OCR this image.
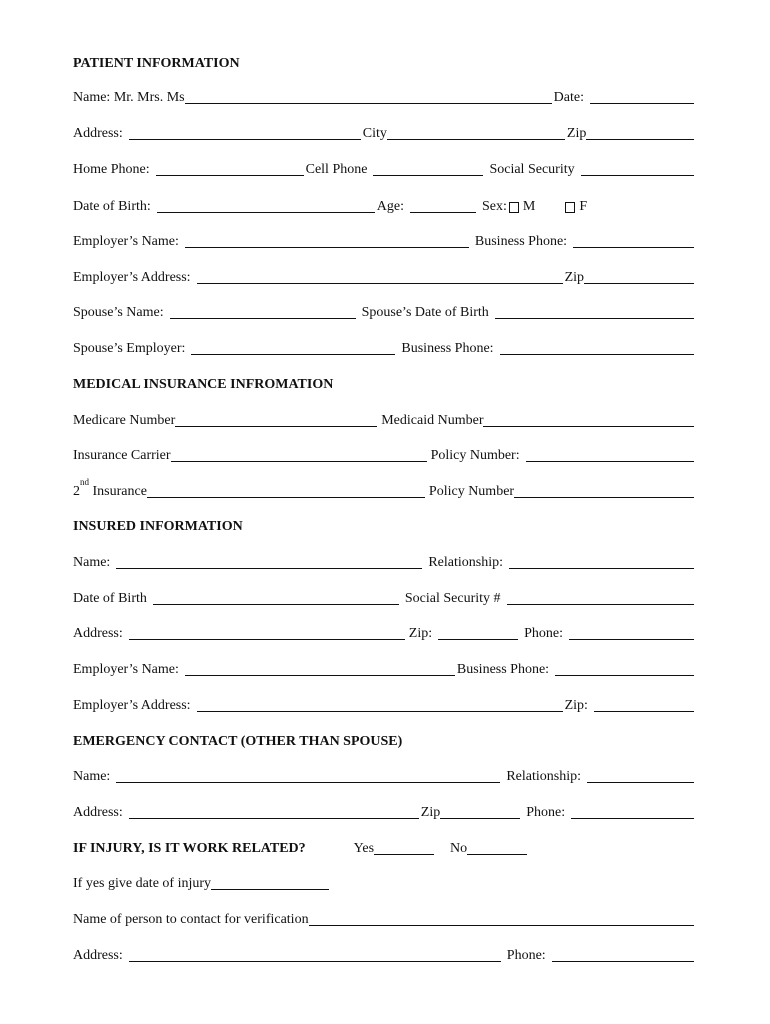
PATIENT INFORMATION
Name: Mr. Mrs. Ms	Date:
Address:	City	Zip
Home Phone:	Cell Phone	Social Security
Date of Birth:	Age:	Sex: M	F
Employer’s Name:	Business Phone:
Employer’s Address:	Zip
Spouse’s Name:	Spouse’s Date of Birth
Spouse’s Employer:	Business Phone:
MEDICAL INSURANCE INFROMATION
Medicare Number	Medicaid Number
Insurance Carrier	Policy Number:
2nd Insurance	Policy Number
INSURED INFORMATION
Name:	Relationship:
Date of Birth	Social Security #
Address:	Zip:	Phone:
Employer’s Name:	Business Phone:
Employer’s Address:	Zip:
EMERGENCY CONTACT (OTHER THAN SPOUSE)
Name:	Relationship:
Address:	Zip	Phone:
IF INJURY, IS IT WORK RELATED?	Yes	No
If yes give date of injury
Name of person to contact for verification
Address:	Phone:
